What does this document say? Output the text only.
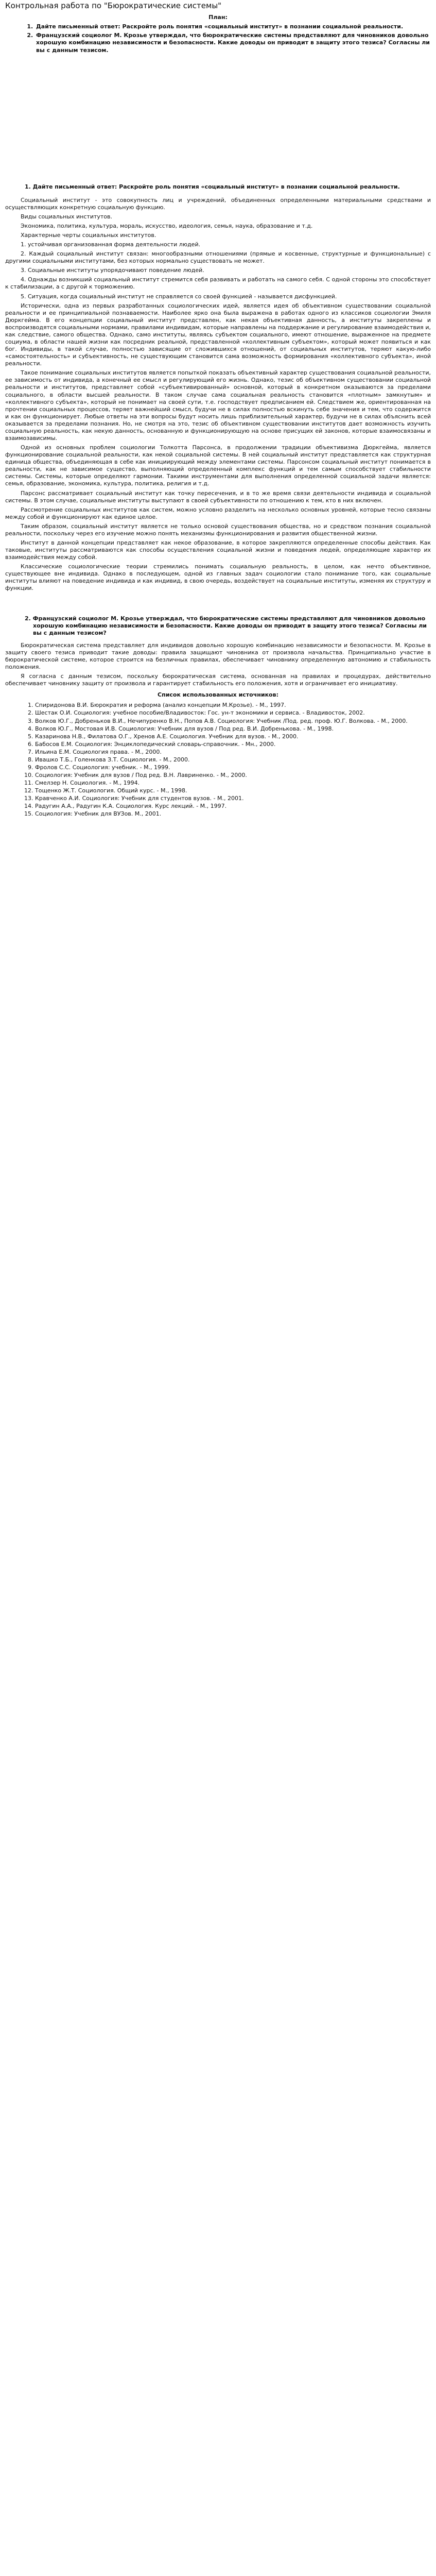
Контрольная работа по "Бюрократические системы"
План:
1. Дайте письменный ответ: Раскройте роль понятия «социальный институт» в познании социальной реальности.
2. Французский социолог М. Крозье утверждал, что бюрократические системы представляют для чиновников довольно хорошую комбинацию независимости и безопасности. Какие доводы он приводит в защиту этого тезиса? Согласны ли вы с данным тезисом.
1. Дайте письменный ответ: Раскройте роль понятия «социальный институт» в познании социальной реальности.

Социальный институт - это совокупность лиц и учреждений, объединенных определенными материальными средствами и осуществляющих конкретную социальную функцию.

Виды социальных институтов.

Экономика, политика, культура, мораль, искусство, идеология, семья, наука, образование и т.д.

Характерные черты социальных институтов.

1. устойчивая организованная форма деятельности людей.

2. Каждый социальный институт связан: многообразными отношениями (прямые и косвенные, структурные и функциональные) с другими социальными институтами, без которых нормально существовать не может.

3. Социальные институты упорядочивают поведение людей.

4. Однажды возникший социальный институт стремится себя развивать и работать на самого себя. С одной стороны это способствует к стабилизации, а с другой к торможению.

5. Ситуация, когда социальный институт не справляется со своей функцией - называется дисфункцией.

Исторически, одна из первых разработанных социологических идей, является идея об объективном существовании социальной реальности и ее принципиальной познаваемости. Наиболее ярко она была выражена в работах одного из классиков социологии Эмиля Дюркгейма. В его концепции социальный институт представлен, как некая объективная данность, а институты закреплены и воспроизводятся социальными нормами, правилами индивидам, которые направлены на поддержание и регулирование взаимодействия и, как следствие, самого общества. Однако, само институты, являясь субъектом социального, имеют отношение, выраженное на предмете социума, в области нашей жизни как посредник реальной, представленной «коллективным субъектом», который может появиться и как бог. Индивиды, в такой случае, полностью зависящие от сложившихся отношений, от социальных институтов, теряют какую-либо «самостоятельность» и субъективность, не существующим становится сама возможность формирования «коллективного субъекта», иной реальности.

Такое понимание социальных институтов является попыткой показать объективный характер существования социальной реальности, ее зависимость от индивида, а конечный ее смысл и регулирующий его жизнь. Однако, тезис об объективном существовании социальной реальности и институтов, представляет собой «субъективированный» основной, который в конкретном оказываются за пределами социального, в области высшей реальности. В таком случае сама социальная реальность становится «плотным» замкнутым» и «коллективного субъекта», который не понимает на своей сути, т.е. господствует предписанием ей. Следствием же, ориентированная на прочтении социальных процессов, теряет важнейший смысл, будучи не в силах полностью вскинуть себе значения и тем, что содержится и как он функционирует. Любые ответы на эти вопросы будут носить лишь приблизительный характер, будучи не в силах объяснить всей оказывается за пределами познания. Но, не смотря на это, тезис об объективном существовании институтов дает возможность изучить социальную реальность, как некую данность, основанную и функционирующую на основе присущих ей законов, которые взаимосвязаны и взаимозависимы.

Одной из основных проблем социологии Толкотта Парсонса, в продолжении традиции объективизма Дюркгейма, является функционирование социальной реальности, как некой социальной системы. В ней социальный институт представляется как структурная единица общества, объединяющая в себе как инициирующий между элементами системы. Парсонсом социальный институт понимается в реальности, как не зависимое существо, выполняющий определенный комплекс функций и тем самым способствует стабильности системы. Системы, которые определяют гармонии. Такими инструментами для выполнения определенной социальной задачи является: семья, образование, экономика, культура, политика, религия и т.д.

Парсонс рассматривает социальный институт как точку пересечения, и в то же время связи деятельности индивида и социальной системы. В этом случае, социальные институты выступают в своей субъективности по отношению к тем, кто в них включен.

Рассмотрение социальных институтов как систем, можно условно разделить на несколько основных уровней, которые тесно связаны между собой и функционируют как единое целое.

Таким образом, социальный институт является не только основой существования общества, но и средством познания социальной реальности, поскольку через его изучение можно понять механизмы функционирования и развития общественной жизни.

Институт в данной концепции представляет как некое образование, в которое закрепляются определенные способы действия. Как таковые, институты рассматриваются как способы осуществления социальной жизни и поведения людей, определяющие характер их взаимодействия между собой.

Классические социологические теории стремились понимать социальную реальность, в целом, как нечто объективное, существующее вне индивида. Однако в последующем, одной из главных задач социологии стало понимание того, как социальные институты влияют на поведение индивида и как индивид, в свою очередь, воздействует на социальные институты, изменяя их структуру и функции.

2. Французский социолог М. Крозье утверждал, что бюрократические системы представляют для чиновников довольно хорошую комбинацию независимости и безопасности. Какие доводы он приводит в защиту этого тезиса? Согласны ли вы с данным тезисом?

Бюрократическая система представляет для индивидов довольно хорошую комбинацию независимости и безопасности. М. Крозье в защиту своего тезиса приводит такие доводы: правила защищают чиновника от произвола начальства. Принципиально участие в бюрократической системе, которое строится на безличных правилах, обеспечивает чиновнику определенную автономию и стабильность положения.

Я согласна с данным тезисом, поскольку бюрократическая система, основанная на правилах и процедурах, действительно обеспечивает чиновнику защиту от произвола и гарантирует стабильность его положения, хотя и ограничивает его инициативу.

Список использованных источников:
1. Спиридонова В.И. Бюрократия и реформа (анализ концепции М.Крозье). - М., 1997.
2. Шестак О.И. Социология: учебное пособие/Владивосток: Гос. ун-т экономики и сервиса. - Владивосток, 2002.
3. Волков Ю.Г., Добреньков В.И., Нечипуренко В.Н., Попов А.В. Социология: Учебник /Под. ред. проф. Ю.Г. Волкова. - М., 2000.
4. Волков Ю.Г., Мостовая И.В. Социология: Учебник для вузов / Под ред. В.И. Добренькова. - М., 1998.
5. Казаринова Н.В., Филатова О.Г., Хренов А.Е. Социология. Учебник для вузов. - М., 2000.
6. Бабосов Е.М. Социология: Энциклопедический словарь-справочник. - Мн., 2000.
7. Ильина Е.М. Социология права. - М., 2000.
8. Ивашко Т.Б., Голенкова З.Т. Социология. - М., 2000.
9. Фролов С.С. Социология: учебник. - М., 1999.
10. Социология: Учебник для вузов / Под ред. В.Н. Лавриненко. - М., 2000.
11. Смелзер Н. Социология. - М., 1994.
12. Тощенко Ж.Т. Социология. Общий курс. - М., 1998.
13. Кравченко А.И. Социология: Учебник для студентов вузов. - М., 2001.
14. Радугин А.А., Радугин К.А. Социология. Курс лекций. - М., 1997.
15. Социология: Учебник для ВУЗов. М., 2001.
